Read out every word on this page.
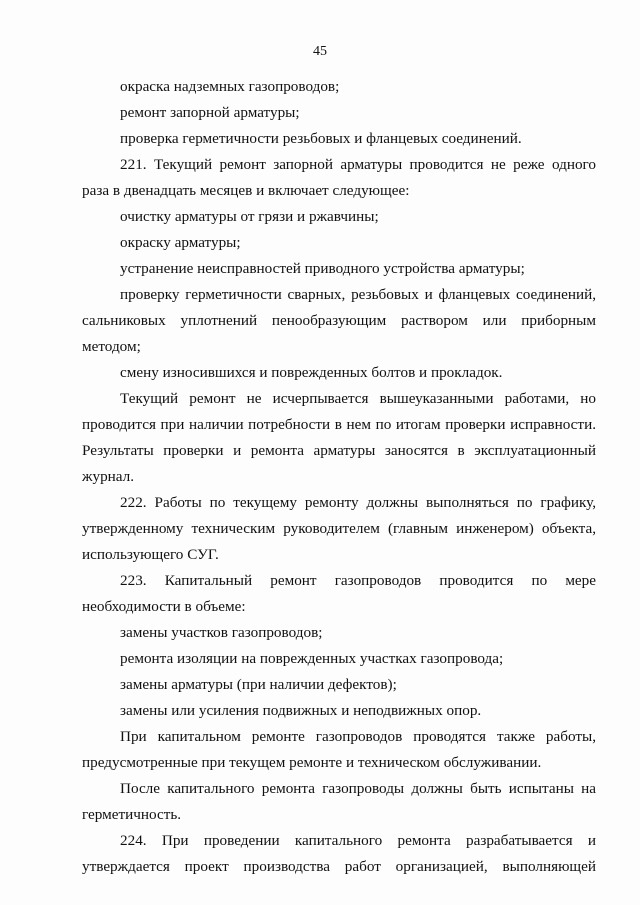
45

окраска надземных газопроводов;

ремонт запорной арматуры;

проверка герметичности резьбовых и фланцевых соединений.

221. Текущий ремонт запорной арматуры проводится не реже одного раза в двенадцать месяцев и включает следующее:

очистку арматуры от грязи и ржавчины;

окраску арматуры;

устранение неисправностей приводного устройства арматуры;

проверку герметичности сварных, резьбовых и фланцевых соединений, сальниковых уплотнений пенообразующим раствором или приборным методом;

смену износившихся и поврежденных болтов и прокладок.

Текущий ремонт не исчерпывается вышеуказанными работами, но проводится при наличии потребности в нем по итогам проверки исправности. Результаты проверки и ремонта арматуры заносятся в эксплуатационный журнал.

222. Работы по текущему ремонту должны выполняться по графику, утвержденному техническим руководителем (главным инженером) объекта, использующего СУГ.

223. Капитальный ремонт газопроводов проводится по мере необходимости в объеме:

замены участков газопроводов;

ремонта изоляции на поврежденных участках газопровода;

замены арматуры (при наличии дефектов);

замены или усиления подвижных и неподвижных опор.

При капитальном ремонте газопроводов проводятся также работы, предусмотренные при текущем ремонте и техническом обслуживании.

После капитального ремонта газопроводы должны быть испытаны на герметичность.

224. При проведении капитального ремонта разрабатывается и утверждается проект производства работ организацией, выполняющей
